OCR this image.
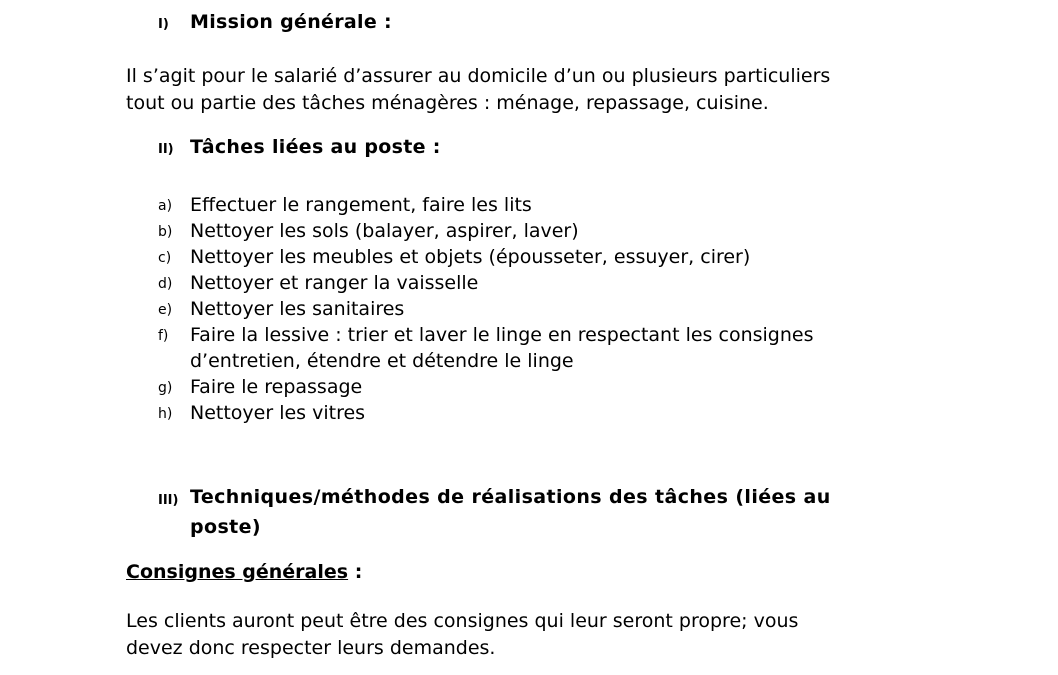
I) Mission générale :
Il s’agit pour le salarié d’assurer au domicile d’un ou plusieurs particuliers
tout ou partie des tâches ménagères : ménage, repassage, cuisine.
II) Tâches liées au poste :
a) Effectuer le rangement, faire les lits
b) Nettoyer les sols (balayer, aspirer, laver)
c) Nettoyer les meubles et objets (épousseter, essuyer, cirer)
d) Nettoyer et ranger la vaisselle
e) Nettoyer les sanitaires
f)	Faire la lessive : trier et laver le linge en respectant les consignes d’entretien, étendre et détendre le linge
g) Faire le repassage
h) Nettoyer les vitres
III) Techniques/méthodes de réalisations des tâches (liées au
poste)
Consignes générales :
Les clients auront peut être des consignes qui leur seront propre; vous
devez donc respecter leurs demandes.
